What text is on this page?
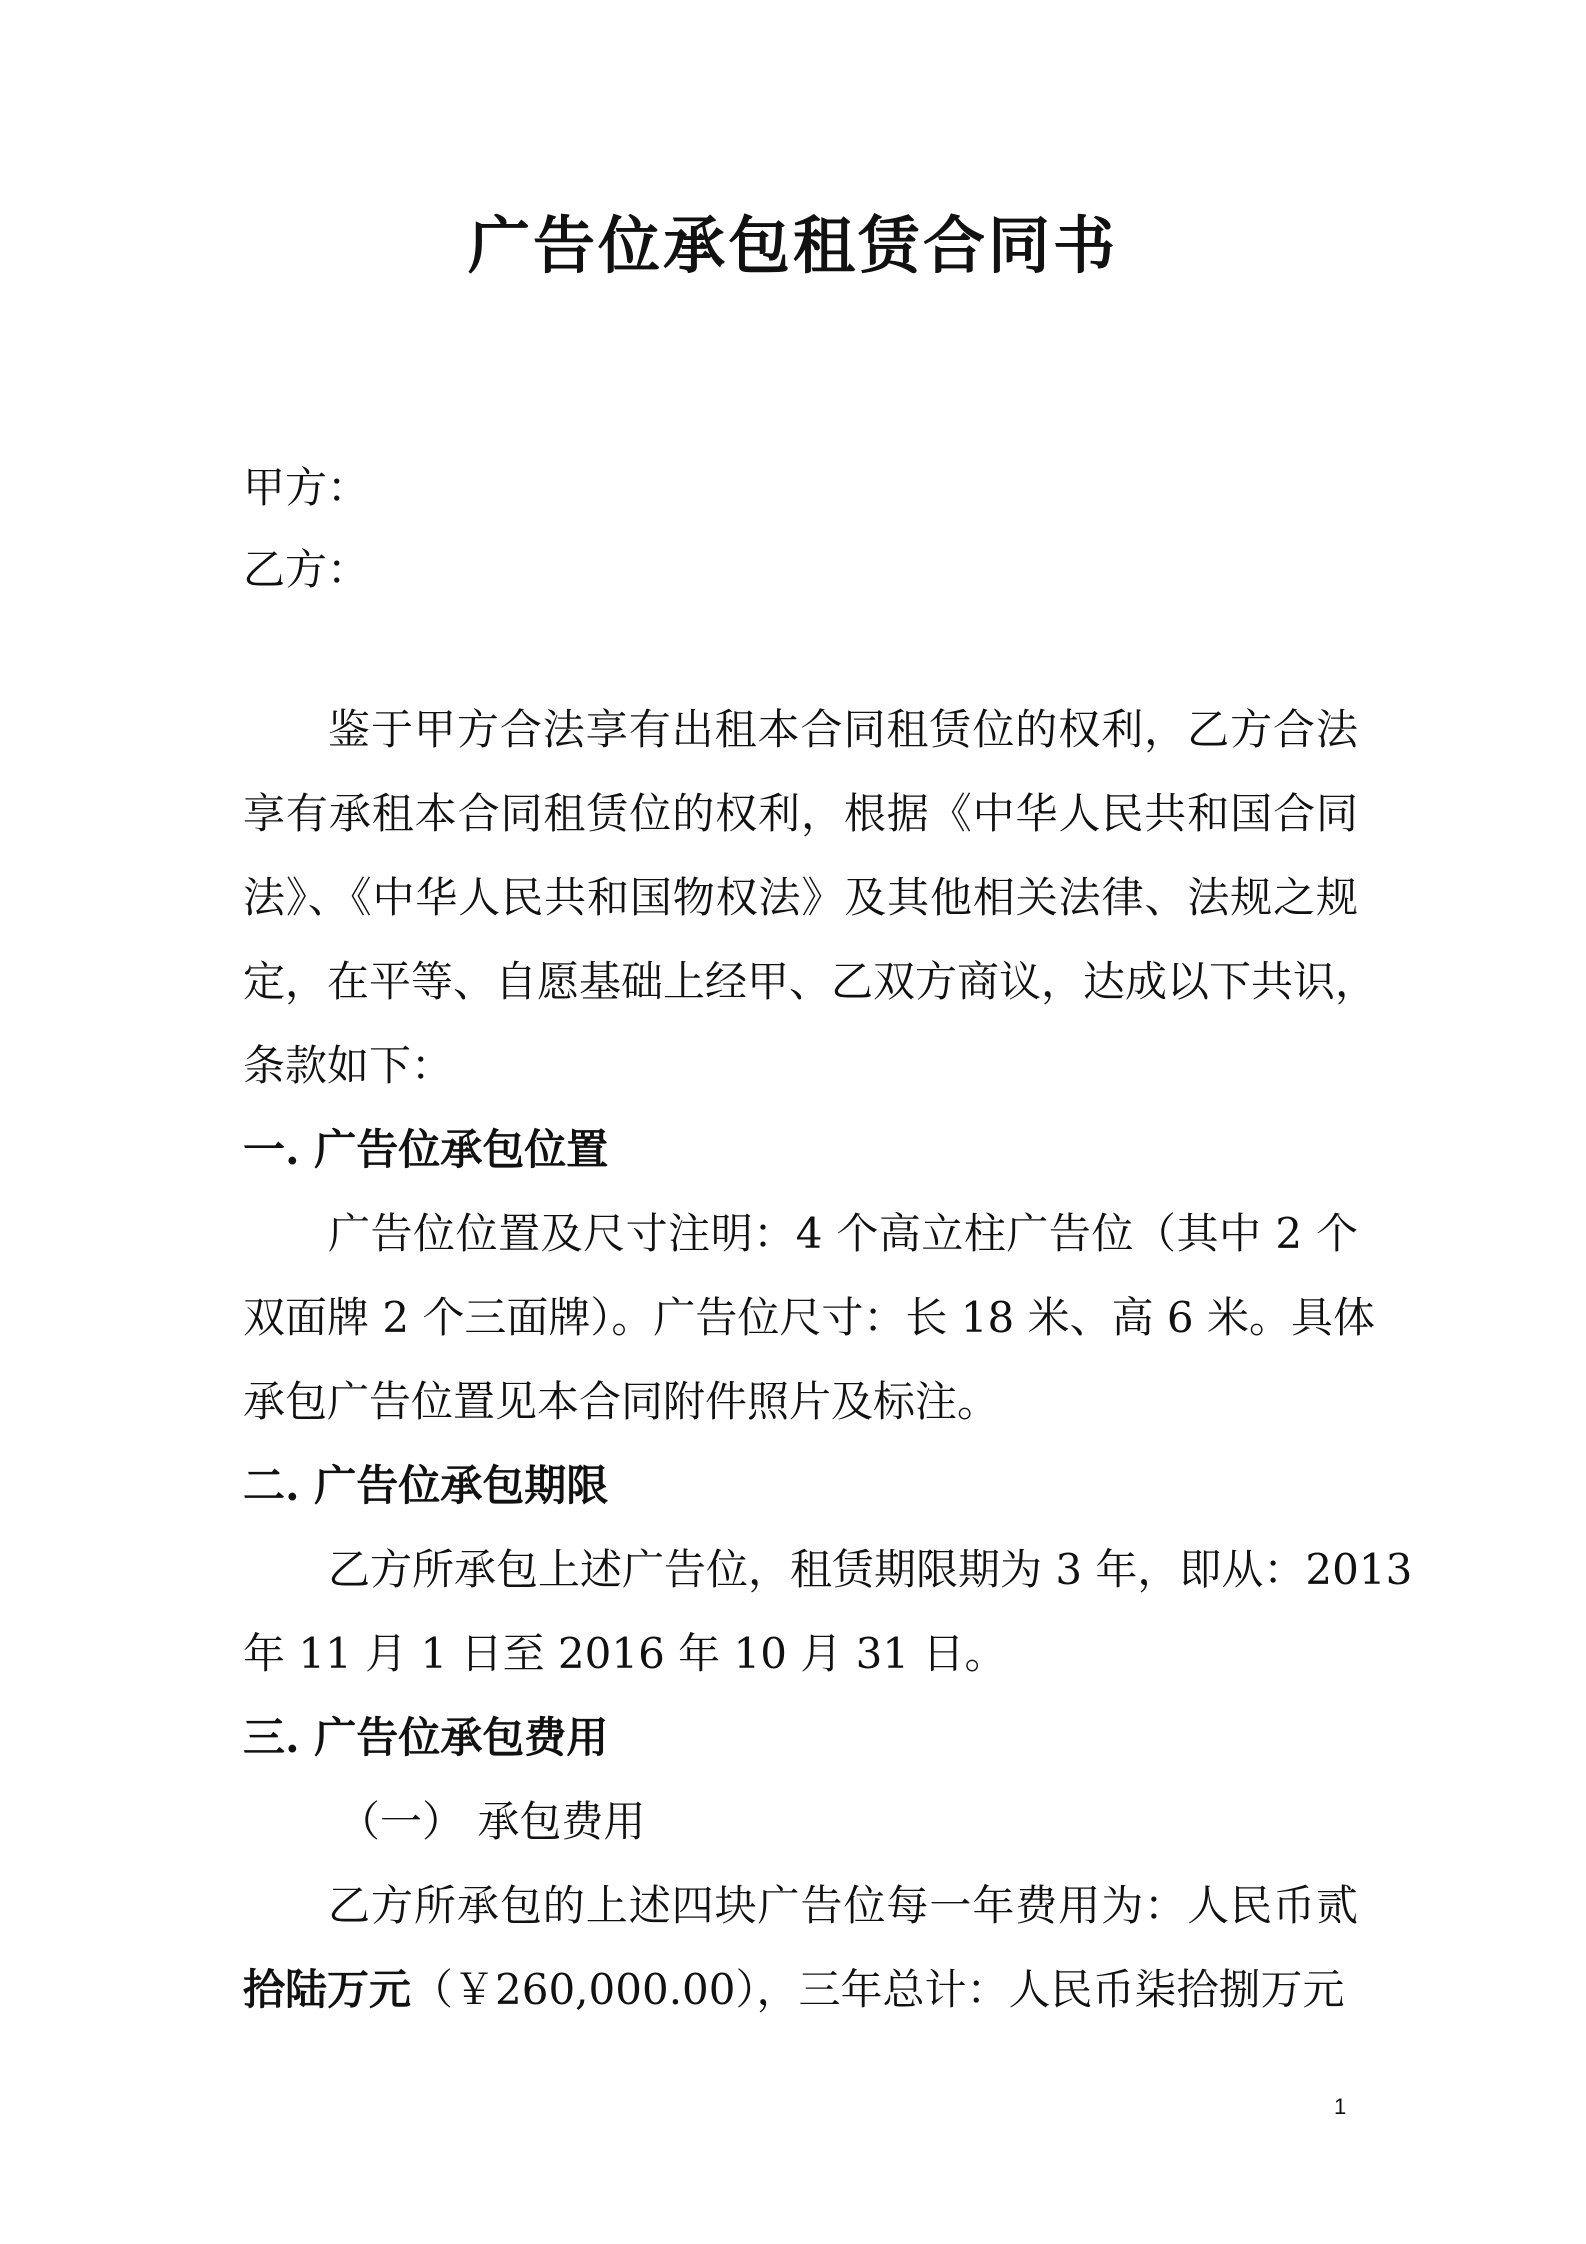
广告位承包租赁合同书
甲方：
乙方：
鉴于甲方合法享有出租本合同租赁位的权利，乙方合法
享有承租本合同租赁位的权利，根据《中华人民共和国合同
法》、《中华人民共和国物权法》及其他相关法律、法规之规
定，在平等、自愿基础上经甲、乙双方商议，达成以下共识，
条款如下：
一. 广告位承包位置
广告位位置及尺寸注明：4 个高立柱广告位（其中 2 个
双面牌 2 个三面牌）。广告位尺寸：长 18 米、高 6 米。具体
承包广告位置见本合同附件照片及标注。
二. 广告位承包期限
乙方所承包上述广告位，租赁期限期为 3 年，即从：2013
年 11 月 1 日至 2016 年 10 月 31 日。
三. 广告位承包费用
（一） 承包费用
乙方所承包的上述四块广告位每一年费用为：人民币贰
拾陆万元（￥260,000.00），三年总计：人民币柒拾捌万元
1
